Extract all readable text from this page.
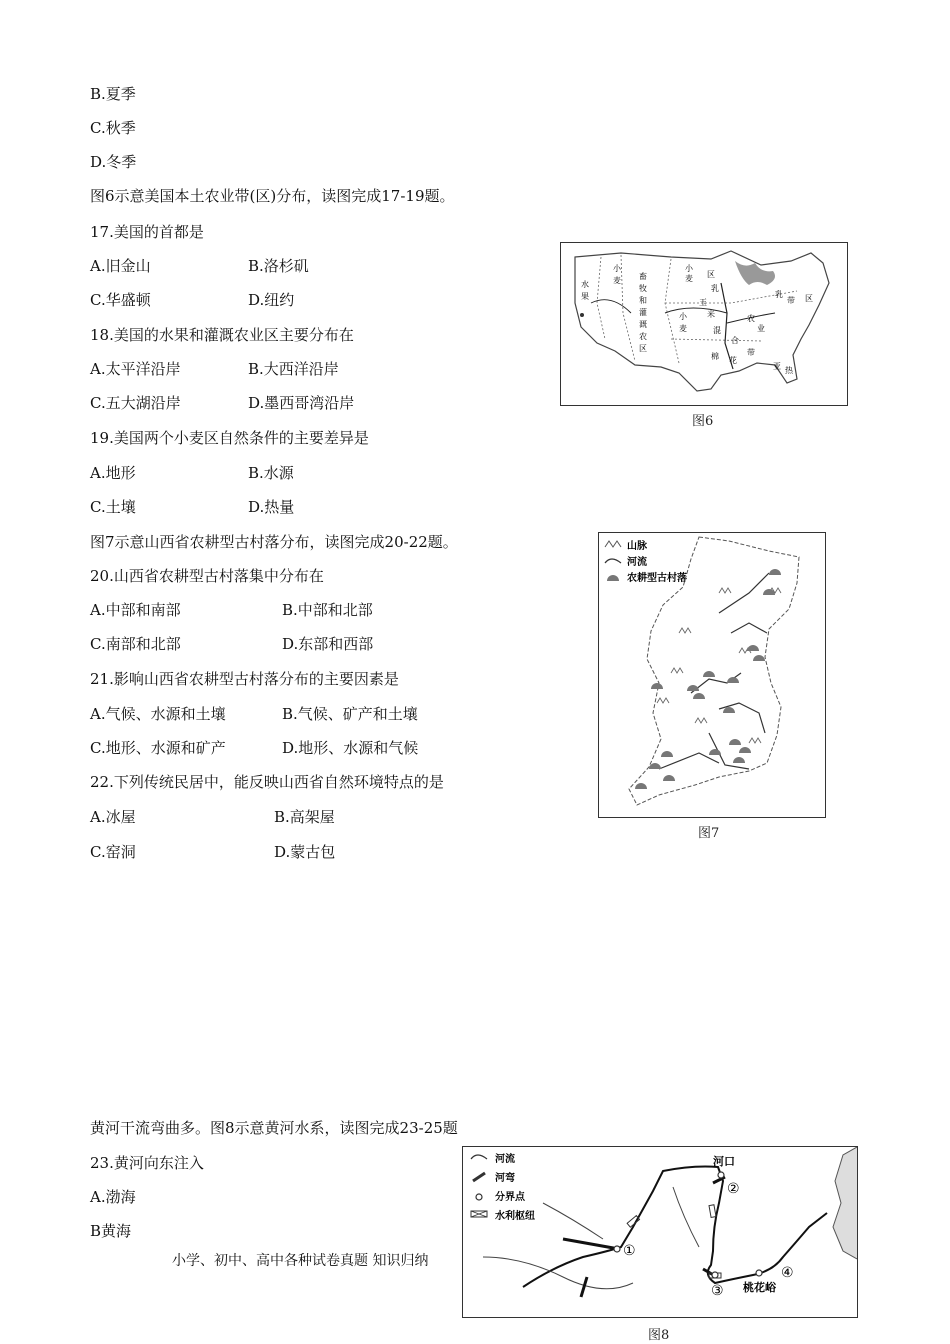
B.夏季
C.秋季
D.冬季
图6示意美国本土农业带(区)分布，读图完成17-19题。
17.美国的首都是
A.旧金山	B.洛杉矶
C.华盛顿	D.纽约
18.美国的水果和灌溉农业区主要分布在
A.太平洋沿岸	B.大西洋沿岸
C.五大湖沿岸	D.墨西哥湾沿岸
19.美国两个小麦区自然条件的主要差异是
A.地形	B.水源
C.土壤	D.热量
图7示意山西省农耕型古村落分布，读图完成20-22题。
20.山西省农耕型古村落集中分布在
A.中部和南部	B.中部和北部
C.南部和北部	D.东部和西部
21.影响山西省农耕型古村落分布的主要因素是
A.气候、水源和土壤	B.气候、矿产和土壤
C.地形、水源和矿产	D.地形、水源和气候
22.下列传统民居中，能反映山西省自然环境特点的是
A.冰屋	B.高架屋
C.窑洞	D.蒙古包
黄河干流弯曲多。图8示意黄河水系，读图完成23-25题
23.黄河向东注入
A.渤海
B黄海
小学、初中、高中各种试卷真题 知识归纳
小
麦
小
麦 区
乳
乳
畜
牧
和
灌
溉
农
区
玉
米
小
麦	混
合
农
业
棉 花
带
带 区
亚 热
水
果
图6
山脉
河流
农耕型古村落
图7
河流
河弯
分界点
水利枢纽
河口
①
②
③
④
桃花峪
图8
